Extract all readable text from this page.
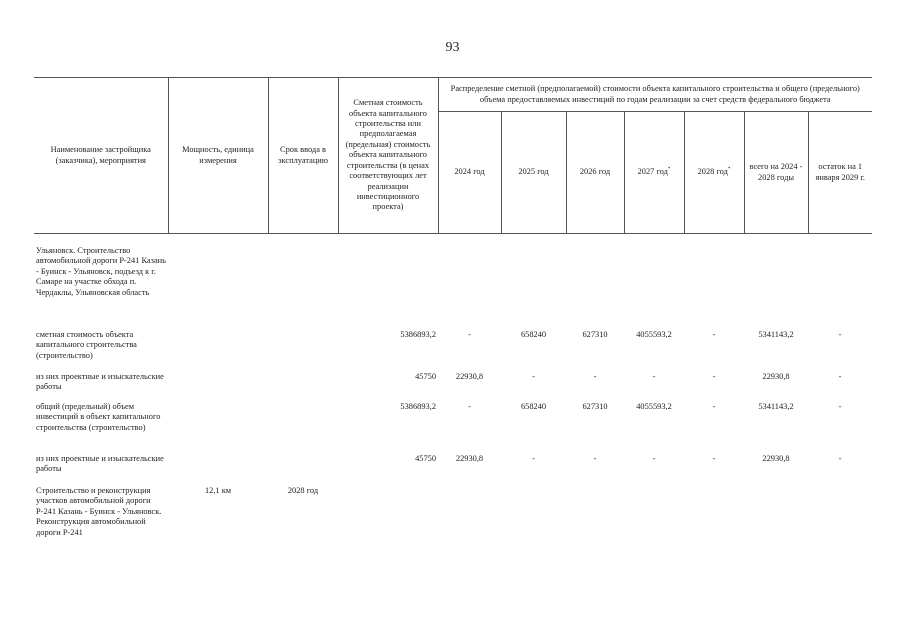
93
Наименование застройщика (заказчика), мероприятия	Мощность, единица измерения	Срок ввода в эксплуатацию	Сметная стоимость объекта капитального строительства или предполагаемая (предельная) стоимость объекта капитального строительства (в ценах соответствующих лет реализации инвестиционного проекта)	Распределение сметной (предполагаемой) стоимости объекта капитального строительства и общего (предельного) объема предоставляемых инвестиций по годам реализации за счет средств федерального бюджета						
				2024 год	2025 год	2026 год	2027 год*	2028 год*	всего на 2024 - 2028 годы	остаток на 1 января 2029 г.
Ульяновск. Строительство автомобильной дороги Р-241 Казань - Буинск - Ульяновск, подъезд к г. Самаре на участке обхода п. Чердаклы, Ульяновская область										
сметная стоимость объекта капитального строительства (строительство)			5386893,2	-	658240	627310	4055593,2	-	5341143,2	-
из них проектные и изыскательские работы			45750	22930,8	-	-	-	-	22930,8	-
общий (предельный) объем инвестиций в объект капитального строительства (строительство)			5386893,2	-	658240	627310	4055593,2	-	5341143,2	-
из них проектные и изыскательские работы			45750	22930,8	-	-	-	-	22930,8	-
Строительство и реконструкция участков автомобильной дороги Р-241 Казань - Буинск - Ульяновск. Реконструкция автомобильной дороги Р-241	12,1 км	2028 год								
